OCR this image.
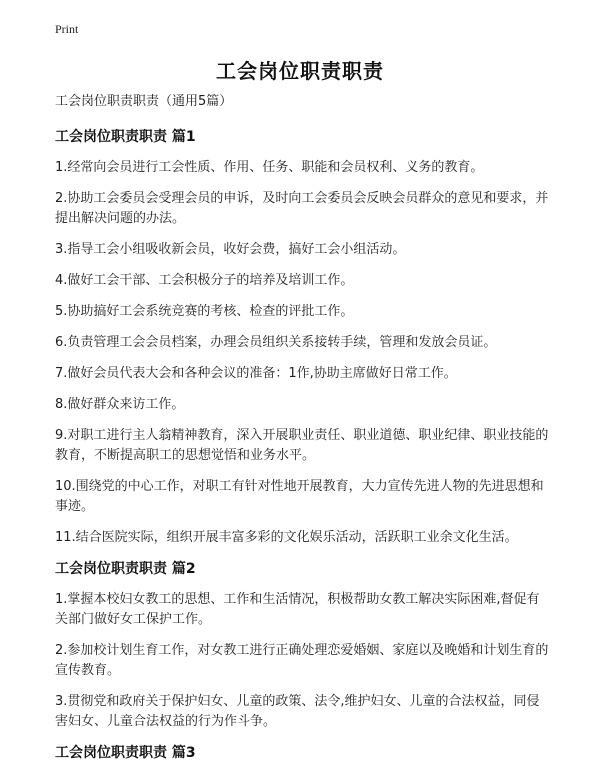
Print
工会岗位职责职责
工会岗位职责职责（通用5篇）
工会岗位职责职责 篇1
1.经常向会员进行工会性质、作用、任务、职能和会员权利、义务的教育。
2.协助工会委员会受理会员的申诉，及时向工会委员会反映会员群众的意见和要求，并提出解决问题的办法。
3.指导工会小组吸收新会员，收好会费，搞好工会小组活动。
4.做好工会干部、工会积极分子的培养及培训工作。
5.协助搞好工会系统竞赛的考核、检查的评批工作。
6.负责管理工会会员档案，办理会员组织关系接转手续，管理和发放会员证。
7.做好会员代表大会和各种会议的准备：1作,协助主席做好日常工作。
8.做好群众来访工作。
9.对职工进行主人翁精神教育，深入开展职业责任、职业道德、职业纪律、职业技能的教育，不断提高职工的思想觉悟和业务水平。
10.围绕党的中心工作，对职工有针对性地开展教育，大力宣传先进人物的先进思想和事迹。
11.结合医院实际，组织开展丰富多彩的文化娱乐活动，活跃职工业余文化生活。
工会岗位职责职责 篇2
1.掌握本校妇女教工的思想、工作和生活情况，积极帮助女教工解决实际困难,督促有关部门做好女工保护工作。
2.参加校计划生育工作，对女教工进行正确处理恋爱婚姻、家庭以及晚婚和计划生育的宣传教育。
3.贯彻党和政府关于保护妇女、儿童的政策、法令,维护妇女、儿童的合法权益，同侵害妇女、儿童合法权益的行为作斗争。
工会岗位职责职责 篇3
